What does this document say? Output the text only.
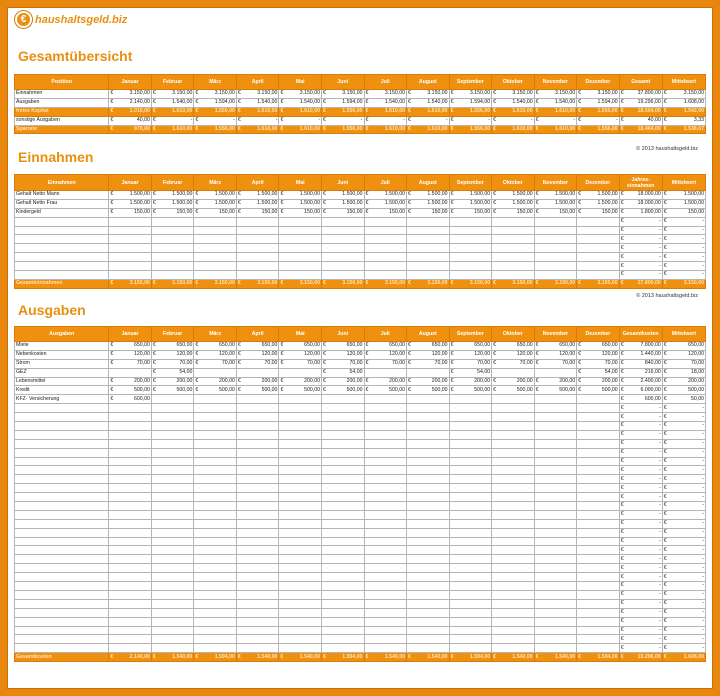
€ haushaltsgeld.biz
Gesamtübersicht
Position	Januar	Februar	März	April	Mai	Juni	Juli	August	September	Oktober	November	Dezember	Gesamt	Mittelwert
Einnahmen	€ 3.150,00	€ 3.150,00	€ 3.150,00	€ 3.150,00	€ 3.150,00	€ 3.150,00	€ 3.150,00	€ 3.150,00	€ 3.150,00	€ 3.150,00	€ 3.150,00	€ 3.150,00	€ 37.800,00	€ 3.150,00

Ausgaben	€ 2.140,00	€ 1.540,00	€ 1.594,00	€ 1.540,00	€ 1.540,00	€ 1.594,00	€ 1.540,00	€ 1.540,00	€ 1.594,00	€ 1.540,00	€ 1.540,00	€ 1.594,00	€ 19.296,00	€ 1.608,00

freies Kapital	€ 1.010,00	€ 1.610,00	€ 1.556,00	€ 1.610,00	€ 1.610,00	€ 1.556,00	€ 1.610,00	€ 1.610,00	€ 1.556,00	€ 1.610,00	€ 1.610,00	€ 1.556,00	€ 18.504,00	€ 1.542,00

sonstige Ausgaben	€ 40,00	€ -	€ -	€ -	€ -	€ -	€ -	€ -	€ -	€ -	€ -	€ -	€ 40,00	€ 3,33

Sparrate	€ 970,00	€ 1.610,00	€ 1.556,00	€ 1.610,00	€ 1.610,00	€ 1.556,00	€ 1.610,00	€ 1.610,00	€ 1.556,00	€ 1.610,00	€ 1.610,00	€ 1.556,00	€ 18.464,00	€ 1.538,67
© 2013 haushaltsgeld.biz
Einnahmen
Einnahmen	Januar	Februar	März	April	Mai	Juni	Juli	August	September	Oktober	November	Dezember	Jahres-einnahmen	Mittelwert
Gehalt Netto Mann	€ 1.500,00	€ 1.500,00	€ 1.500,00	€ 1.500,00	€ 1.500,00	€ 1.500,00	€ 1.500,00	€ 1.500,00	€ 1.500,00	€ 1.500,00	€ 1.500,00	€ 1.500,00	€ 18.000,00	€ 1.500,00

Gehalt Netto Frau	€ 1.500,00	€ 1.500,00	€ 1.500,00	€ 1.500,00	€ 1.500,00	€ 1.500,00	€ 1.500,00	€ 1.500,00	€ 1.500,00	€ 1.500,00	€ 1.500,00	€ 1.500,00	€ 18.000,00	€ 1.500,00

Kindergeld	€ 150,00	€ 150,00	€ 150,00	€ 150,00	€ 150,00	€ 150,00	€ 150,00	€ 150,00	€ 150,00	€ 150,00	€ 150,00	€ 150,00	€ 1.800,00	€ 150,00

													€ -	€ -

													€ -	€ -

													€ -	€ -

													€ -	€ -

													€ -	€ -

													€ -	€ -

													€ -	€ -

Gesamteinnahmen	€ 3.150,00	€ 3.150,00	€ 3.150,00	€ 3.150,00	€ 3.150,00	€ 3.150,00	€ 3.150,00	€ 3.150,00	€ 3.150,00	€ 3.150,00	€ 3.150,00	€ 3.150,00	€ 37.800,00	€ 3.150,00
© 2013 haushaltsgeld.biz
Ausgaben
Ausgaben	Januar	Februar	März	April	Mai	Juni	Juli	August	September	Oktober	November	Dezember	Gesamtkosten	Mittelwert
Miete	€ 650,00	€ 650,00	€ 650,00	€ 650,00	€ 650,00	€ 650,00	€ 650,00	€ 650,00	€ 650,00	€ 650,00	€ 650,00	€ 650,00	€ 7.800,00	€ 650,00

Nebenkosten	€ 120,00	€ 120,00	€ 120,00	€ 120,00	€ 120,00	€ 120,00	€ 120,00	€ 120,00	€ 120,00	€ 120,00	€ 120,00	€ 120,00	€ 1.440,00	€ 120,00

Strom	€ 70,00	€ 70,00	€ 70,00	€ 70,00	€ 70,00	€ 70,00	€ 70,00	€ 70,00	€ 70,00	€ 70,00	€ 70,00	€ 70,00	€ 840,00	€ 70,00

GEZ		€ 54,00				€ 54,00			€ 54,00			€ 54,00	€ 216,00	€ 18,00

Lebensmittel	€ 200,00	€ 200,00	€ 200,00	€ 200,00	€ 200,00	€ 200,00	€ 200,00	€ 200,00	€ 200,00	€ 200,00	€ 200,00	€ 200,00	€ 2.400,00	€ 200,00

Kredit	€ 500,00	€ 500,00	€ 500,00	€ 500,00	€ 500,00	€ 500,00	€ 500,00	€ 500,00	€ 500,00	€ 500,00	€ 500,00	€ 500,00	€ 6.000,00	€ 500,00

KFZ- Versicherung	€ 600,00												€ 600,00	€ 50,00

													€ -	€ -

													€ -	€ -

													€ -	€ -

													€ -	€ -

													€ -	€ -

													€ -	€ -

													€ -	€ -

													€ -	€ -

													€ -	€ -

													€ -	€ -

													€ -	€ -

													€ -	€ -

													€ -	€ -

													€ -	€ -

													€ -	€ -

													€ -	€ -

													€ -	€ -

													€ -	€ -

													€ -	€ -

													€ -	€ -

													€ -	€ -

													€ -	€ -

													€ -	€ -

													€ -	€ -

													€ -	€ -

													€ -	€ -

													€ -	€ -

													€ -	€ -

Gesamtkosten	€ 2.140,00	€ 1.540,00	€ 1.594,00	€ 1.540,00	€ 1.540,00	€ 1.594,00	€ 1.540,00	€ 1.540,00	€ 1.594,00	€ 1.540,00	€ 1.540,00	€ 1.594,00	€ 19.296,00	€ 1.608,00
